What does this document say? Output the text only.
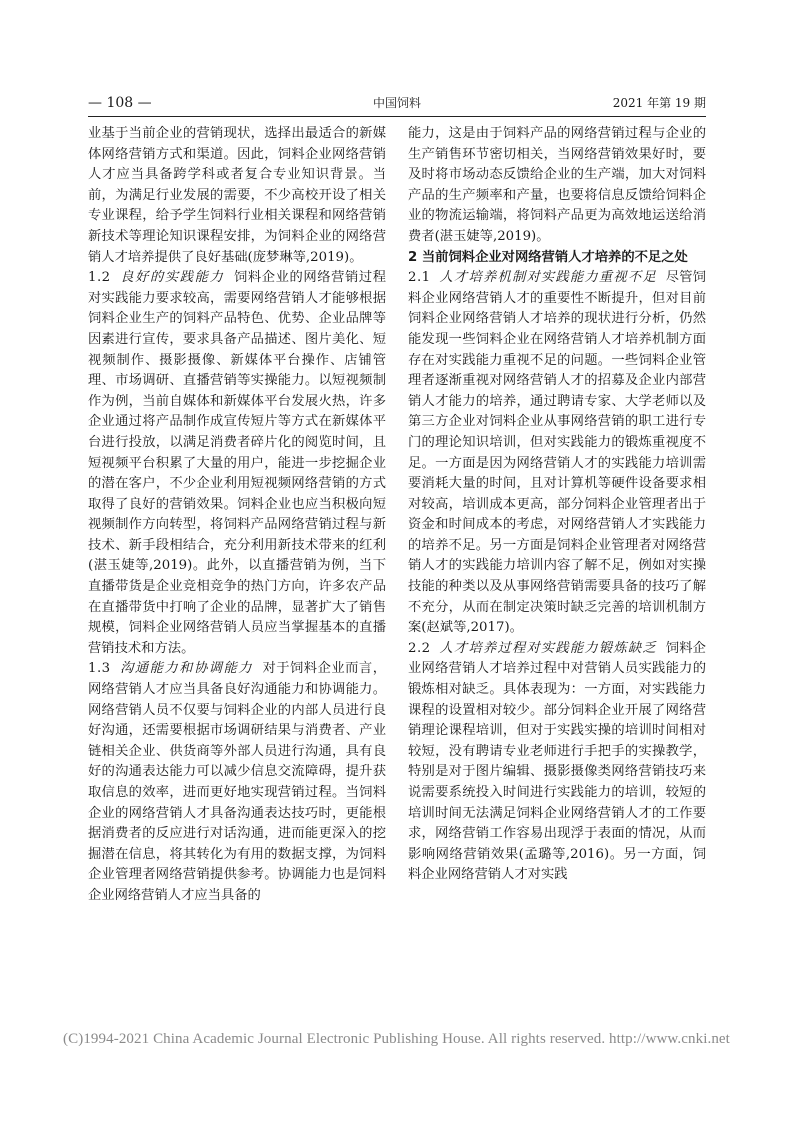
— 108 —	中国饲料	2021 年第 19 期

业基于当前企业的营销现状，选择出最适合的新媒体网络营销方式和渠道。因此，饲料企业网络营销人才应当具备跨学科或者复合专业知识背景。当前，为满足行业发展的需要，不少高校开设了相关专业课程，给予学生饲料行业相关课程和网络营销新技术等理论知识课程安排，为饲料企业的网络营销人才培养提供了良好基础(庞梦琳等,2019)。

1.2 良好的实践能力 饲料企业的网络营销过程对实践能力要求较高，需要网络营销人才能够根据饲料企业生产的饲料产品特色、优势、企业品牌等因素进行宣传，要求具备产品描述、图片美化、短视频制作、摄影摄像、新媒体平台操作、店铺管理、市场调研、直播营销等实操能力。以短视频制作为例，当前自媒体和新媒体平台发展火热，许多企业通过将产品制作成宣传短片等方式在新媒体平台进行投放，以满足消费者碎片化的阅览时间，且短视频平台积累了大量的用户，能进一步挖掘企业的潜在客户，不少企业利用短视频网络营销的方式取得了良好的营销效果。饲料企业也应当积极向短视频制作方向转型，将饲料产品网络营销过程与新技术、新手段相结合，充分利用新技术带来的红利(湛玉婕等,2019)。此外，以直播营销为例，当下直播带货是企业竞相竞争的热门方向，许多农产品在直播带货中打响了企业的品牌，显著扩大了销售规模，饲料企业网络营销人员应当掌握基本的直播营销技术和方法。

1.3 沟通能力和协调能力 对于饲料企业而言，网络营销人才应当具备良好沟通能力和协调能力。网络营销人员不仅要与饲料企业的内部人员进行良好沟通，还需要根据市场调研结果与消费者、产业链相关企业、供货商等外部人员进行沟通，具有良好的沟通表达能力可以减少信息交流障碍，提升获取信息的效率，进而更好地实现营销过程。当饲料企业的网络营销人才具备沟通表达技巧时，更能根据消费者的反应进行对话沟通，进而能更深入的挖掘潜在信息，将其转化为有用的数据支撑，为饲料企业管理者网络营销提供参考。协调能力也是饲料企业网络营销人才应当具备的

能力，这是由于饲料产品的网络营销过程与企业的生产销售环节密切相关，当网络营销效果好时，要及时将市场动态反馈给企业的生产端，加大对饲料产品的生产频率和产量，也要将信息反馈给饲料企业的物流运输端，将饲料产品更为高效地运送给消费者(湛玉婕等,2019)。

2 当前饲料企业对网络营销人才培养的不足之处

2.1 人才培养机制对实践能力重视不足 尽管饲料企业网络营销人才的重要性不断提升，但对目前饲料企业网络营销人才培养的现状进行分析，仍然能发现一些饲料企业在网络营销人才培养机制方面存在对实践能力重视不足的问题。一些饲料企业管理者逐渐重视对网络营销人才的招募及企业内部营销人才能力的培养，通过聘请专家、大学老师以及第三方企业对饲料企业从事网络营销的职工进行专门的理论知识培训，但对实践能力的锻炼重视度不足。一方面是因为网络营销人才的实践能力培训需要消耗大量的时间，且对计算机等硬件设备要求相对较高，培训成本更高，部分饲料企业管理者出于资金和时间成本的考虑，对网络营销人才实践能力的培养不足。另一方面是饲料企业管理者对网络营销人才的实践能力培训内容了解不足，例如对实操技能的种类以及从事网络营销需要具备的技巧了解不充分，从而在制定决策时缺乏完善的培训机制方案(赵斌等,2017)。

2.2 人才培养过程对实践能力锻炼缺乏 饲料企业网络营销人才培养过程中对营销人员实践能力的锻炼相对缺乏。具体表现为：一方面，对实践能力课程的设置相对较少。部分饲料企业开展了网络营销理论课程培训，但对于实践实操的培训时间相对较短，没有聘请专业老师进行手把手的实操教学，特别是对于图片编辑、摄影摄像类网络营销技巧来说需要系统投入时间进行实践能力的培训，较短的培训时间无法满足饲料企业网络营销人才的工作要求，网络营销工作容易出现浮于表面的情况，从而影响网络营销效果(孟璐等,2016)。另一方面，饲料企业网络营销人才对实践

(C)1994-2021 China Academic Journal Electronic Publishing House. All rights reserved. http://www.cnki.net
